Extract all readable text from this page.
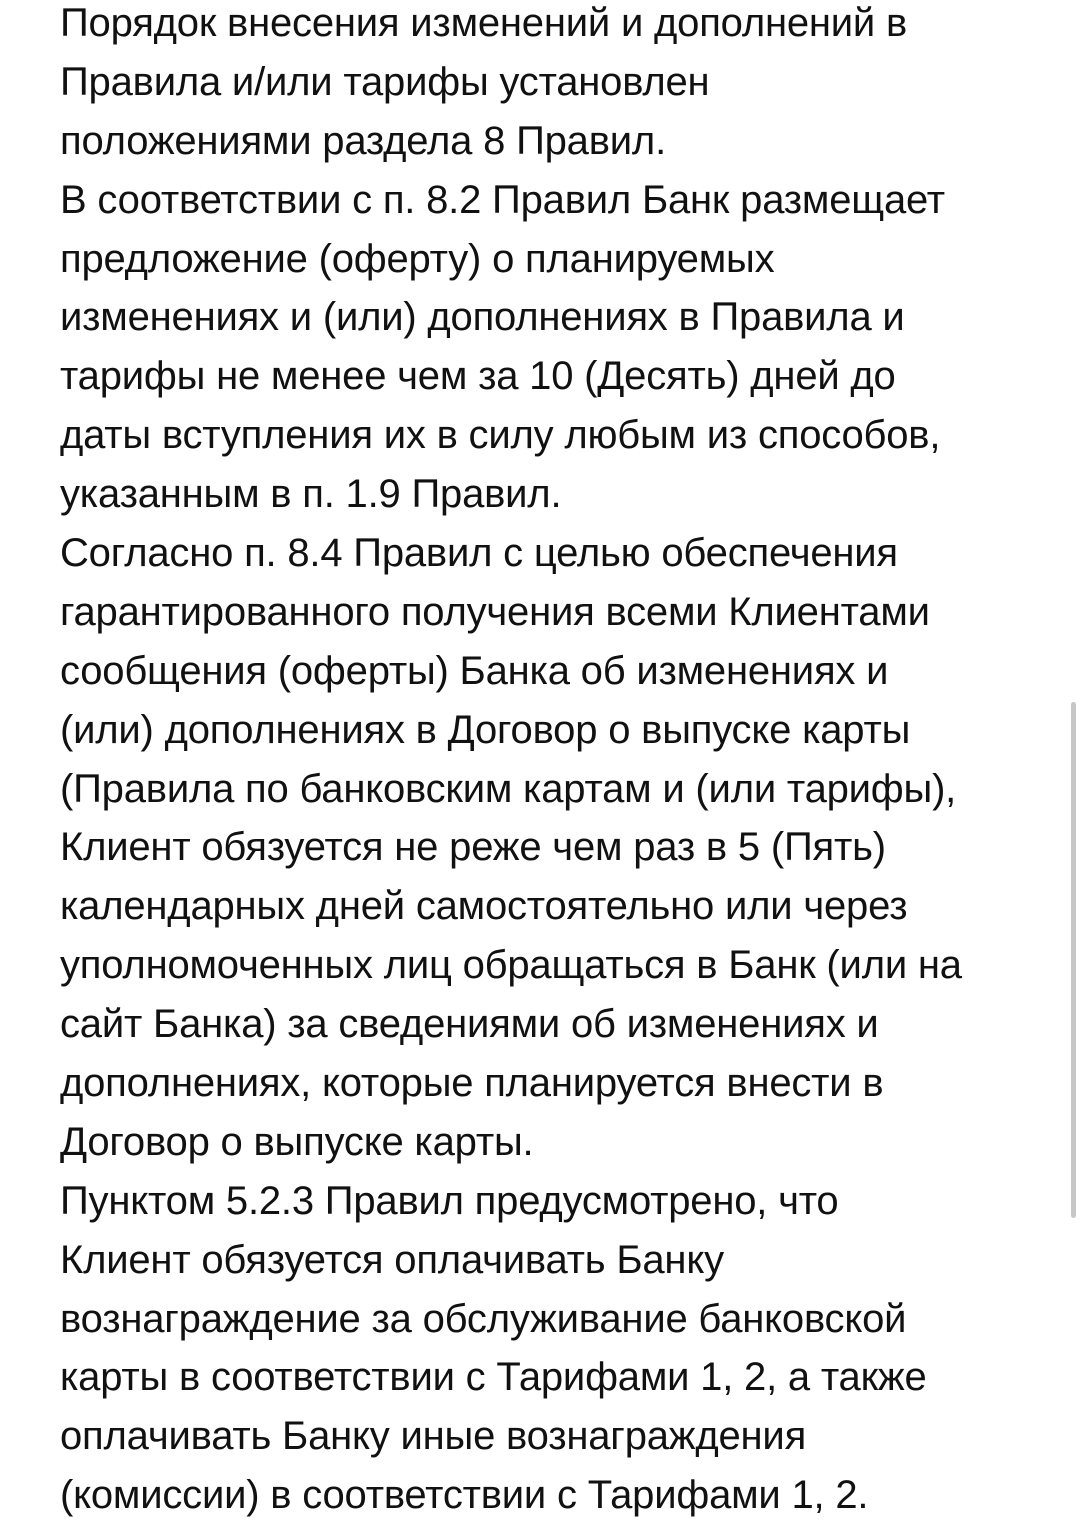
Порядок внесения изменений и дополнений в
Правила и/или тарифы установлен
положениями раздела 8 Правил.
В соответствии с п. 8.2 Правил Банк размещает
предложение (оферту) о планируемых
изменениях и (или) дополнениях в Правила и
тарифы не менее чем за 10 (Десять) дней до
даты вступления их в силу любым из способов,
указанным в п. 1.9 Правил.
Согласно п. 8.4 Правил с целью обеспечения
гарантированного получения всеми Клиентами
сообщения (оферты) Банка об изменениях и
(или) дополнениях в Договор о выпуске карты
(Правила по банковским картам и (или тарифы),
Клиент обязуется не реже чем раз в 5 (Пять)
календарных дней самостоятельно или через
уполномоченных лиц обращаться в Банк (или на
сайт Банка) за сведениями об изменениях и
дополнениях, которые планируется внести в
Договор о выпуске карты.
Пунктом 5.2.3 Правил предусмотрено, что
Клиент обязуется оплачивать Банку
вознаграждение за обслуживание банковской
карты в соответствии с Тарифами 1, 2, а также
оплачивать Банку иные вознаграждения
(комиссии) в соответствии с Тарифами 1, 2.
